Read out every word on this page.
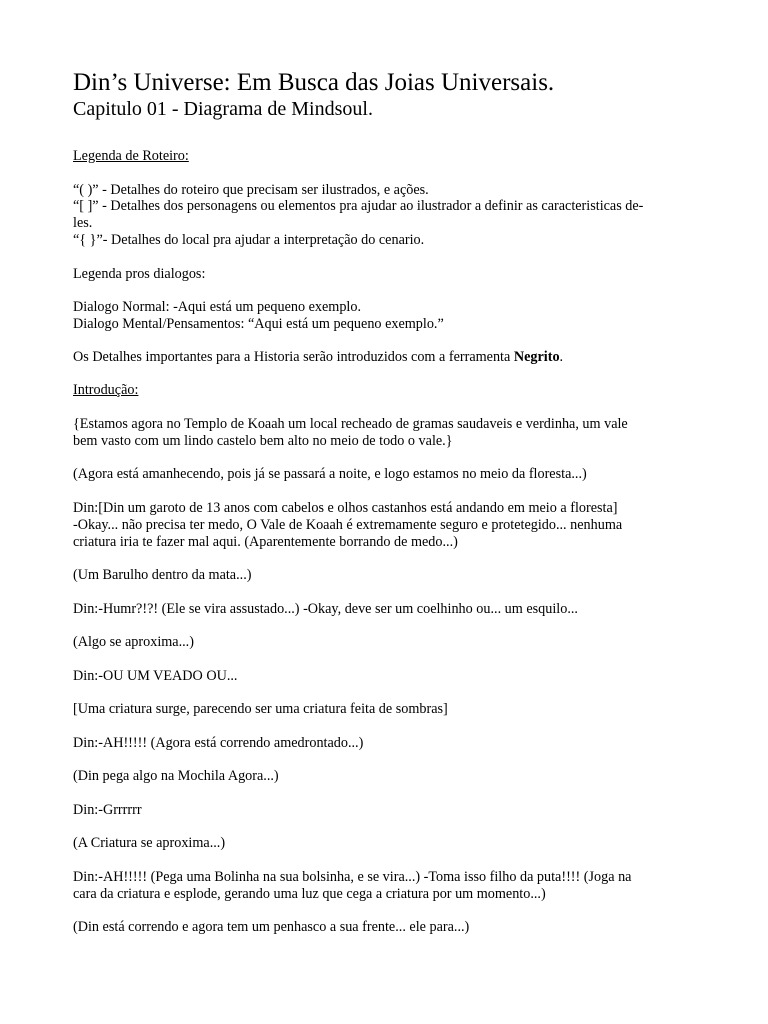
Din’s Universe: Em Busca das Joias Universais.
Capitulo 01 - Diagrama de Mindsoul.

Legenda de Roteiro:

“( )” - Detalhes do roteiro que precisam ser ilustrados, e ações.

“[ ]” - Detalhes dos personagens ou elementos pra ajudar ao ilustrador a definir as caracteristicas de-

les.

“{ }”- Detalhes do local pra ajudar a interpretação do cenario.

Legenda pros dialogos:

Dialogo Normal: -Aqui está um pequeno exemplo.

Dialogo Mental/Pensamentos: “Aqui está um pequeno exemplo.”

Os Detalhes importantes para a Historia serão introduzidos com a ferramenta Negrito.

Introdução:

{Estamos agora no Templo de Koaah um local recheado de gramas saudaveis e verdinha, um vale

bem vasto com um lindo castelo bem alto no meio de todo o vale.}

(Agora está amanhecendo, pois já se passará a noite, e logo estamos no meio da floresta...)

Din:[Din um garoto de 13 anos com cabelos e olhos castanhos está andando em meio a floresta]

-Okay... não precisa ter medo, O Vale de Koaah é extremamente seguro e protetegido... nenhuma

criatura iria te fazer mal aqui. (Aparentemente borrando de medo...)

(Um Barulho dentro da mata...)

Din:-Humr?!?! (Ele se vira assustado...) -Okay, deve ser um coelhinho ou... um esquilo...

(Algo se aproxima...)

Din:-OU UM VEADO OU...

[Uma criatura surge, parecendo ser uma criatura feita de sombras]

Din:-AH!!!!! (Agora está correndo amedrontado...)

(Din pega algo na Mochila Agora...)

Din:-Grrrrrr

(A Criatura se aproxima...)

Din:-AH!!!!! (Pega uma Bolinha na sua bolsinha, e se vira...) -Toma isso filho da puta!!!! (Joga na

cara da criatura e esplode, gerando uma luz que cega a criatura por um momento...)

(Din está correndo e agora tem um penhasco a sua frente... ele para...)
